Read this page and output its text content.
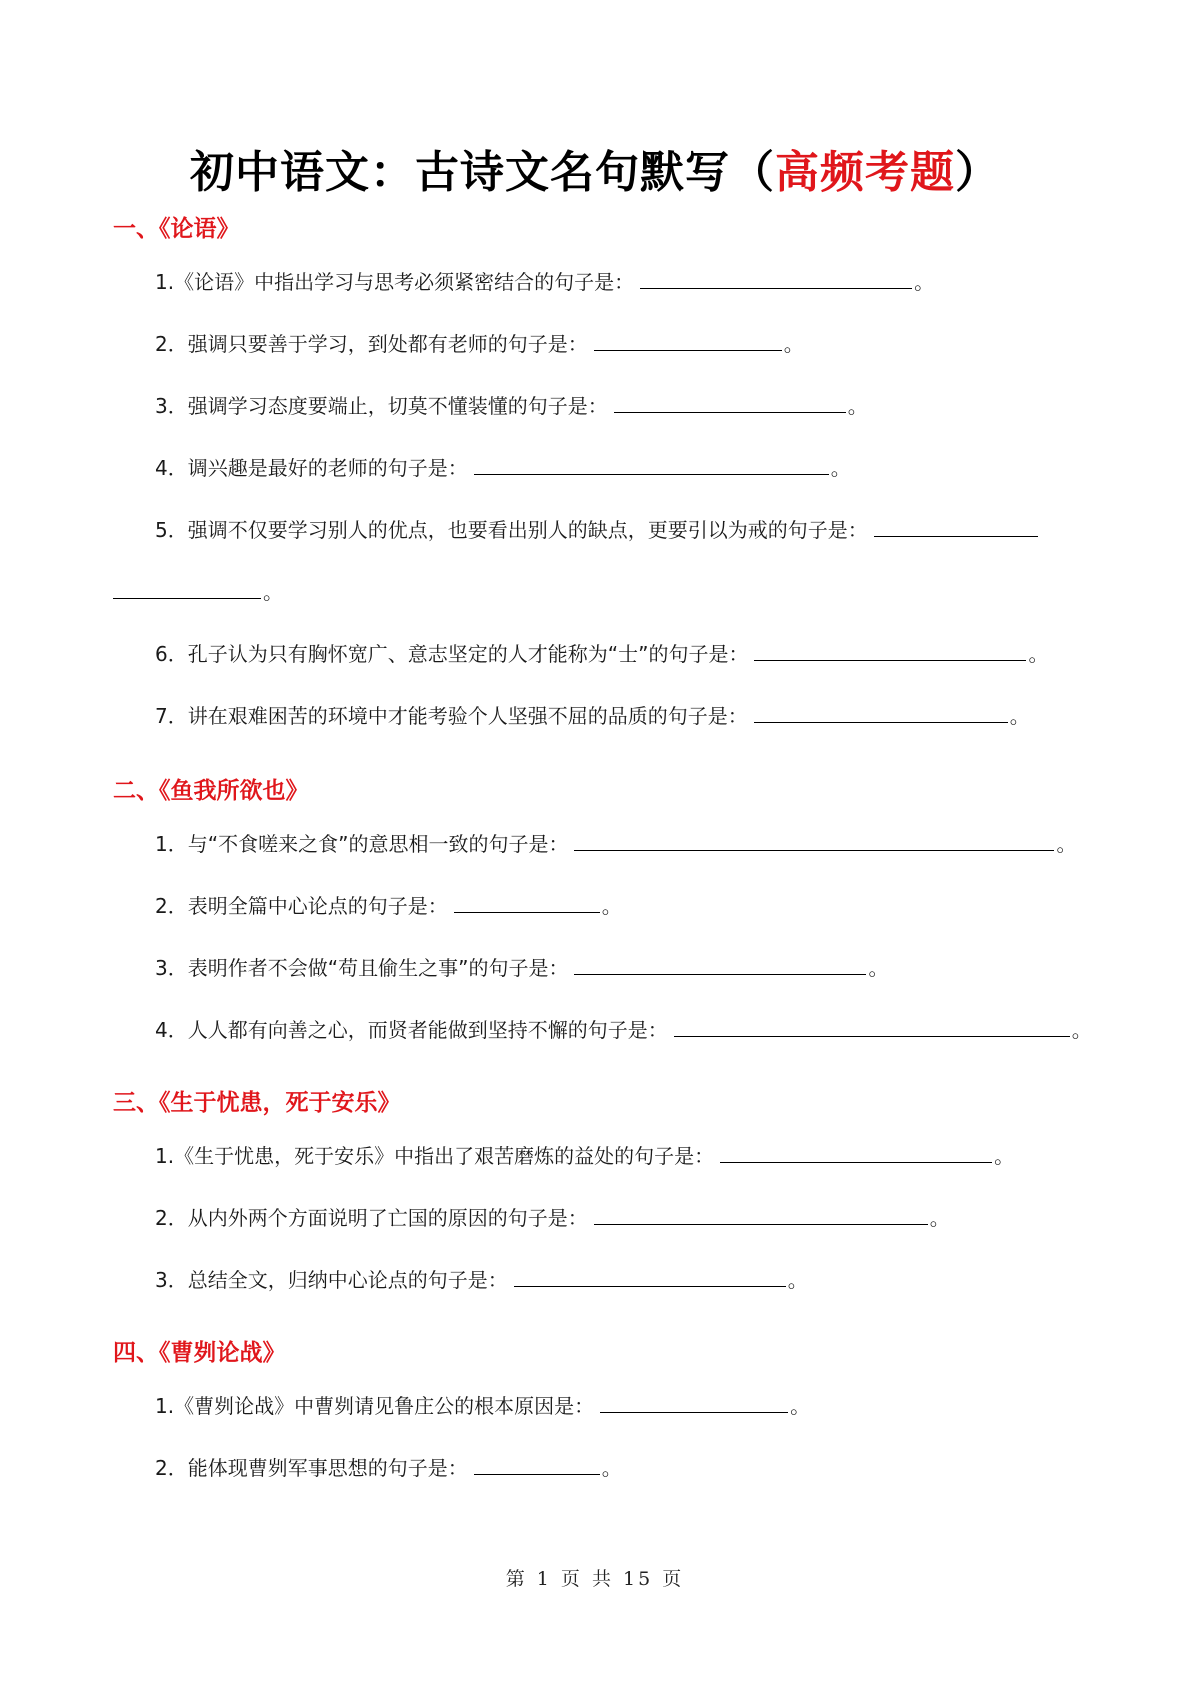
初中语文：古诗文名句默写（高频考题）
一、《论语》
1.《论语》中指出学习与思考必须紧密结合的句子是：	。
2．强调只要善于学习，到处都有老师的句子是：	。
3．强调学习态度要端止，切莫不懂装懂的句子是：	。
4．调兴趣是最好的老师的句子是：	。
5．强调不仅要学习别人的优点，也要看出别人的缺点，更要引以为戒的句子是：
。
6．孔子认为只有胸怀宽广、意志坚定的人才能称为“士”的句子是：	。
7．讲在艰难困苦的环境中才能考验个人坚强不屈的品质的句子是：	。
二、《鱼我所欲也》
1．与“不食嗟来之食”的意思相一致的句子是：	。
2．表明全篇中心论点的句子是：	。
3．表明作者不会做“苟且偷生之事”的句子是：	。
4．人人都有向善之心，而贤者能做到坚持不懈的句子是：	。
三、《生于忧患，死于安乐》
1.《生于忧患，死于安乐》中指出了艰苦磨炼的益处的句子是：	。
2．从内外两个方面说明了亡国的原因的句子是：	。
3．总结全文，归纳中心论点的句子是：	。
四、《曹刿论战》
1.《曹刿论战》中曹刿请见鲁庄公的根本原因是：	。
2．能体现曹刿军事思想的句子是：	。
第 1 页 共 15 页
